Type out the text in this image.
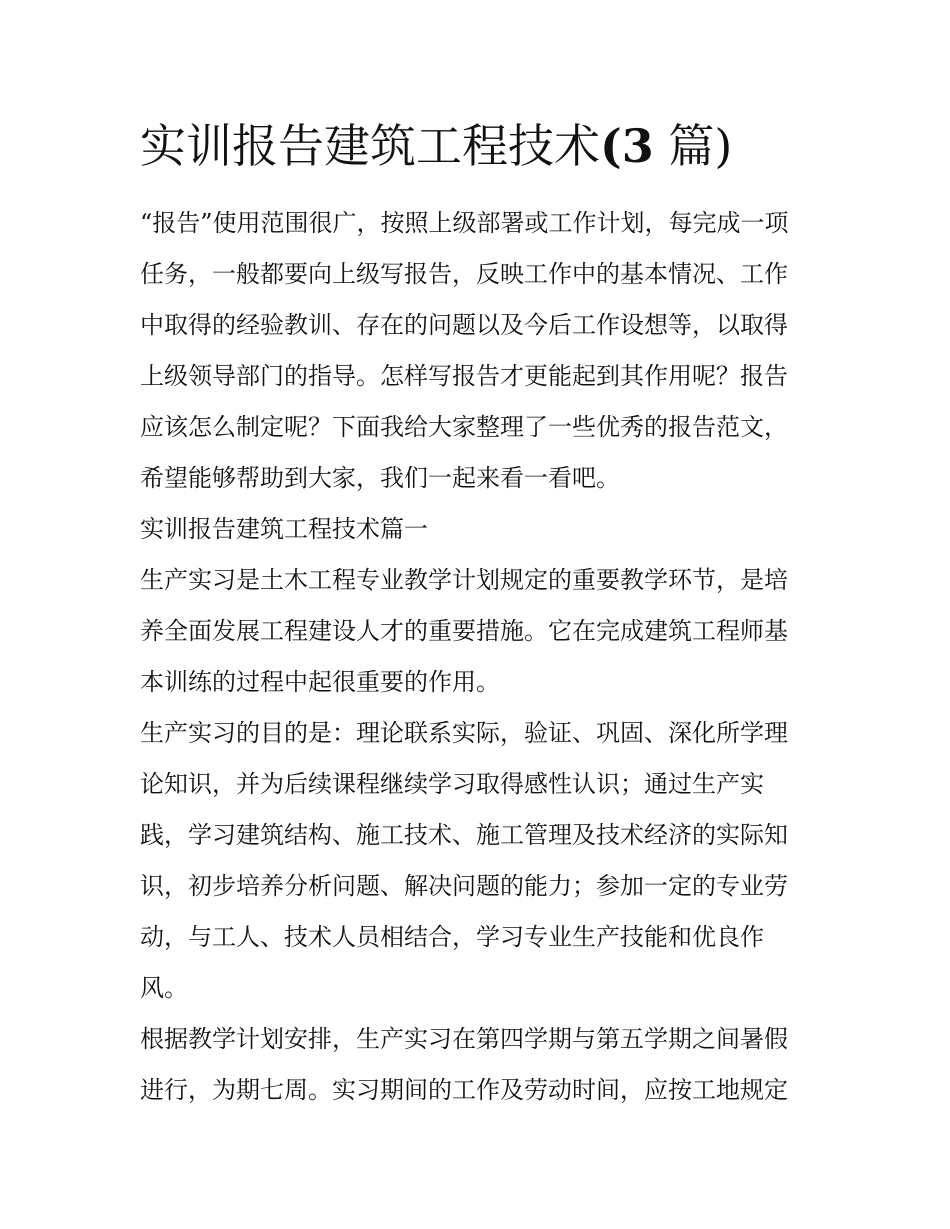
实训报告建筑工程技术(3 篇)

“报告”使用范围很广，按照上级部署或工作计划，每完成一项
任务，一般都要向上级写报告，反映工作中的基本情况、工作
中取得的经验教训、存在的问题以及今后工作设想等，以取得
上级领导部门的指导。怎样写报告才更能起到其作用呢？报告
应该怎么制定呢？下面我给大家整理了一些优秀的报告范文，
希望能够帮助到大家，我们一起来看一看吧。

实训报告建筑工程技术篇一

生产实习是土木工程专业教学计划规定的重要教学环节，是培
养全面发展工程建设人才的重要措施。它在完成建筑工程师基
本训练的过程中起很重要的作用。

生产实习的目的是：理论联系实际，验证、巩固、深化所学理
论知识，并为后续课程继续学习取得感性认识；通过生产实
践，学习建筑结构、施工技术、施工管理及技术经济的实际知
识，初步培养分析问题、解决问题的能力；参加一定的专业劳
动，与工人、技术人员相结合，学习专业生产技能和优良作
风。

根据教学计划安排，生产实习在第四学期与第五学期之间暑假
进行，为期七周。实习期间的工作及劳动时间，应按工地规定
